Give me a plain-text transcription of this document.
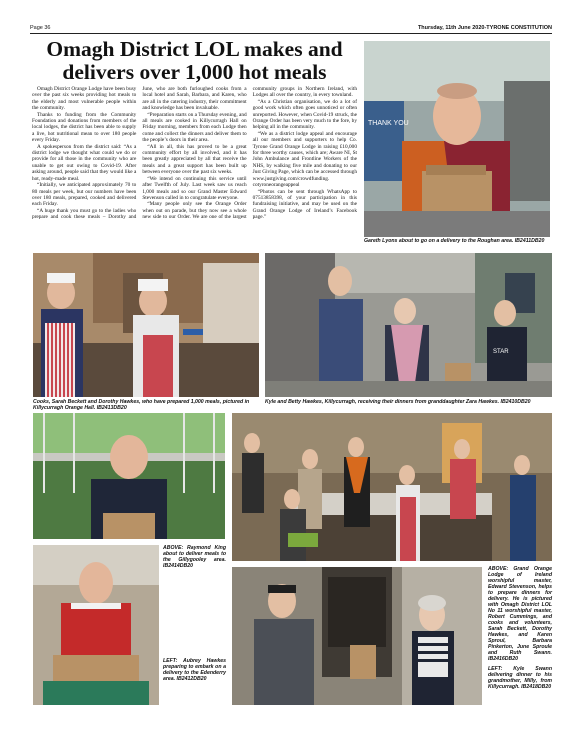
Page 36	Thursday, 11th June 2020-TYRONE CONSTITUTION
Omagh District LOL makes and delivers over 1,000 hot meals

Omagh District Orange Lodge have been busy over the past six weeks providing hot meals to the elderly and most vulnerable people within the community.

Thanks to funding from the Community Foundation and donations from members of the local lodges, the district has been able to supply a live, hot nutritional mean to over 180 people every Friday.

A spokesperson from the district said: “As a district lodge we thought what could we do or provide for all those in the community who are unable to get out owing to Covid-19. After asking around, people said that they would like a hot, ready-made meal.

“Initially, we anticipated approximately 70 to 80 meals per week, but our numbers have been over 180 meals, prepared, cooked and delivered each Friday.

“A huge thank you must go to the ladies who prepare and cook these meals – Dorothy and June, who are both furloughed cooks from a local hotel and Sarah, Barbara, and Karen, who are all in the catering industry, their commitment and knowledge has been invaluable.

“Preparation starts on a Thursday evening, and all meals are cooked in Killycurragh Hall on Friday morning, members from each Lodge then come and collect the dinners and deliver them to the people’s doors in their area.

“All in all, this has proved to be a great community effort by all involved, and it has been greatly appreciated by all that receive the meals and a great support has been built up between everyone over the past six weeks.

“We intend on continuing this service until after Twelfth of July. Last week saw us reach 1,000 meals and so our Grand Master Edward Stevenson called in to congratulate everyone.

“Many people only see the Orange Order when out on parade, but they now see a whole new side to our Order. We are one of the largest community groups in Northern Ireland, with Lodges all over the country, in every townland.

“As a Christian organisation, we do a lot of good work which often goes unnoticed or often unreported. However, when Covid-19 struck, the Orange Order has been very much to the fore, by helping all in the community.

“We as a district lodge appeal and encourage all our members and supporters to help Co. Tyrone Grand Orange Lodge in raising £10,000 for three worthy causes, which are; Aware NI, St John Ambulance and Frontline Workers of the NHS, by walking five mile and donating to our Just Giving Page, which can be accessed through www.justgiving.com/crowdfunding. cotyroneorangeappeal

“Photos can be sent through WhatsApp to 07513858398, of your participation in this fundraising initiative, and may be used on the Grand Orange Lodge of Ireland’s Facebook page.”

THANK YOU
Gareth Lyons about to go on a delivery to the Roughan area. IB2411DB20
Cooks, Sarah Beckett and Dorothy Hawkes, who have prepared 1,000 meals, pictured in Killycurragh Orange Hall. IB2413DB20
STAR
Kyle and Betty Hawkes, Killycurragh, receiving their dinners from granddaughter Zara Hawkes. IB2410DB20
ABOVE: Raymond King about to deliver meals to the Gillygooley area. IB2414DB20
LEFT: Aubrey Hawkes preparing to embark on a delivery to the Edenderry area. IB2412DB20
ABOVE: Grand Orange Lodge of Ireland worshipful master, Edward Stevenson, helps to prepare dinners for delivery. He is pictured with Omagh District LOL No 11 worshipful master, Robert Cummings, and cooks and volunteers, Sarah Beckett, Dorothy Hawkes, and Karen Sproul, Barbara Pinkerton, June Sproule and Ruth Swann. IB2416DB20
LEFT: Kyle Swann delivering dinner to his grandmother, Milly, from Killycurragh. IB2418DB20
